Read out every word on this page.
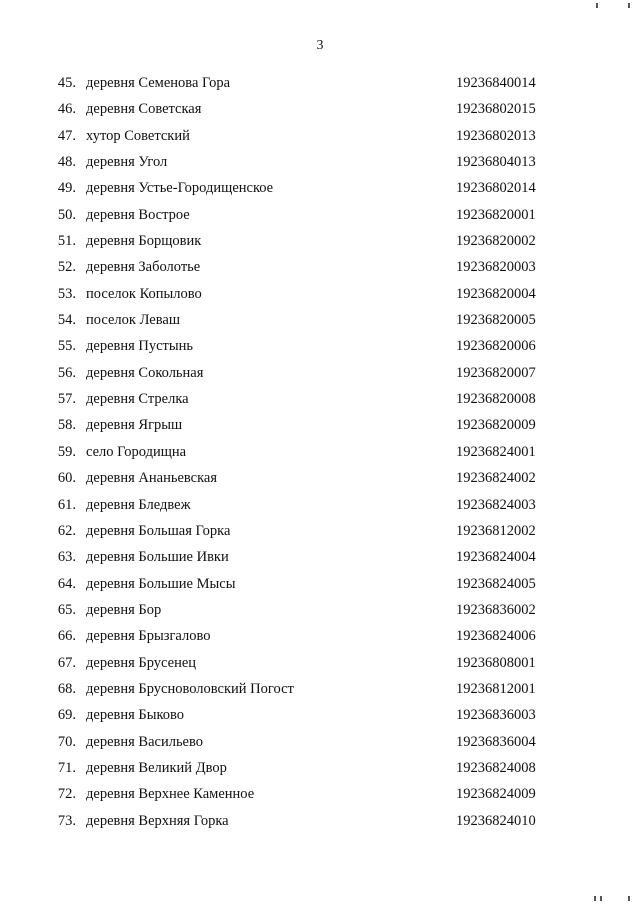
3
45. деревня Семенова Гора	19236840014
46. деревня Советская	19236802015
47. хутор Советский	19236802013
48. деревня Угол	19236804013
49. деревня Устье-Городищенское	19236802014
50. деревня Вострое	19236820001
51. деревня Борщовик	19236820002
52. деревня Заболотье	19236820003
53. поселок Копылово	19236820004
54. поселок Леваш	19236820005
55. деревня Пустынь	19236820006
56. деревня Сокольная	19236820007
57. деревня Стрелка	19236820008
58. деревня Ягрыш	19236820009
59. село Городищна	19236824001
60. деревня Ананьевская	19236824002
61. деревня Бледвеж	19236824003
62. деревня Большая Горка	19236812002
63. деревня Большие Ивки	19236824004
64. деревня Большие Мысы	19236824005
65. деревня Бор	19236836002
66. деревня Брызгалово	19236824006
67. деревня Брусенец	19236808001
68. деревня Брусноволовский Погост	19236812001
69. деревня Быково	19236836003
70. деревня Васильево	19236836004
71. деревня Великий Двор	19236824008
72. деревня Верхнее Каменное	19236824009
73. деревня Верхняя Горка	19236824010
